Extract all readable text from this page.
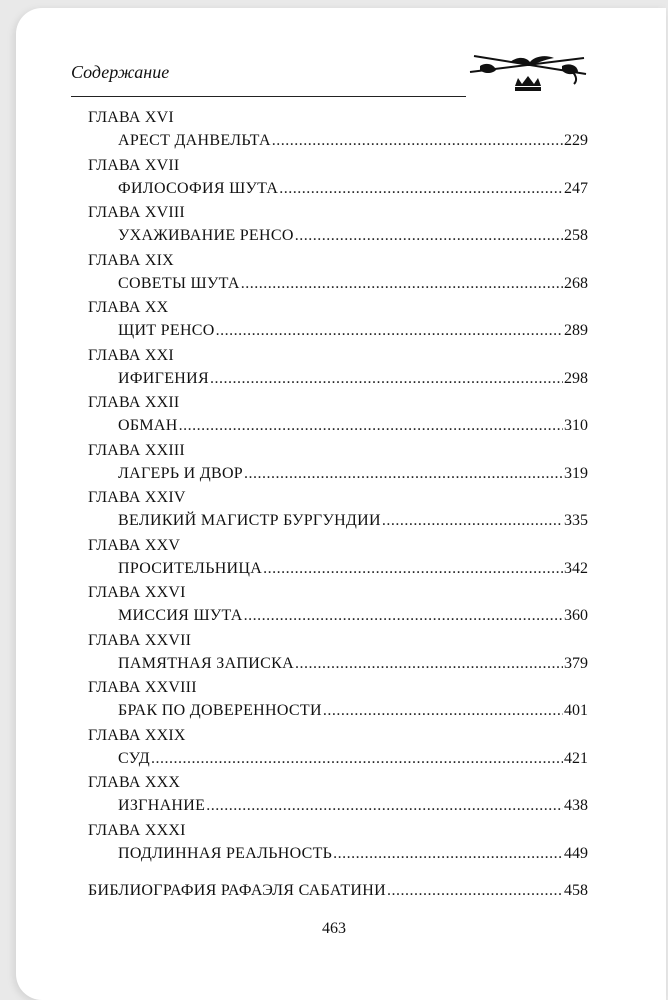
Содержание
ГЛАВА XVI
АРЕСТ ДАНВЕЛЬТА .....	229
ГЛАВА XVII
ФИЛОСОФИЯ ШУТА .....	247
ГЛАВА XVIII
УХАЖИВАНИЕ РЕНСО .....	258
ГЛАВА XIX
СОВЕТЫ ШУТА .....	268
ГЛАВА XX
ЩИТ РЕНСО .....	289
ГЛАВА XXI
ИФИГЕНИЯ .....	298
ГЛАВА XXII
ОБМАН .....	310
ГЛАВА XXIII
ЛАГЕРЬ И ДВОР .....	319
ГЛАВА XXIV
ВЕЛИКИЙ МАГИСТР БУРГУНДИИ .....	335
ГЛАВА XXV
ПРОСИТЕЛЬНИЦА .....	342
ГЛАВА XXVI
МИССИЯ ШУТА .....	360
ГЛАВА XXVII
ПАМЯТНАЯ ЗАПИСКА .....	379
ГЛАВА XXVIII
БРАК ПО ДОВЕРЕННОСТИ .....	401
ГЛАВА XXIX
СУД .....	421
ГЛАВА XXX
ИЗГНАНИЕ .....	438
ГЛАВА XXXI
ПОДЛИННАЯ РЕАЛЬНОСТЬ .....	449
БИБЛИОГРАФИЯ РАФАЭЛЯ САБАТИНИ .....	458
463
